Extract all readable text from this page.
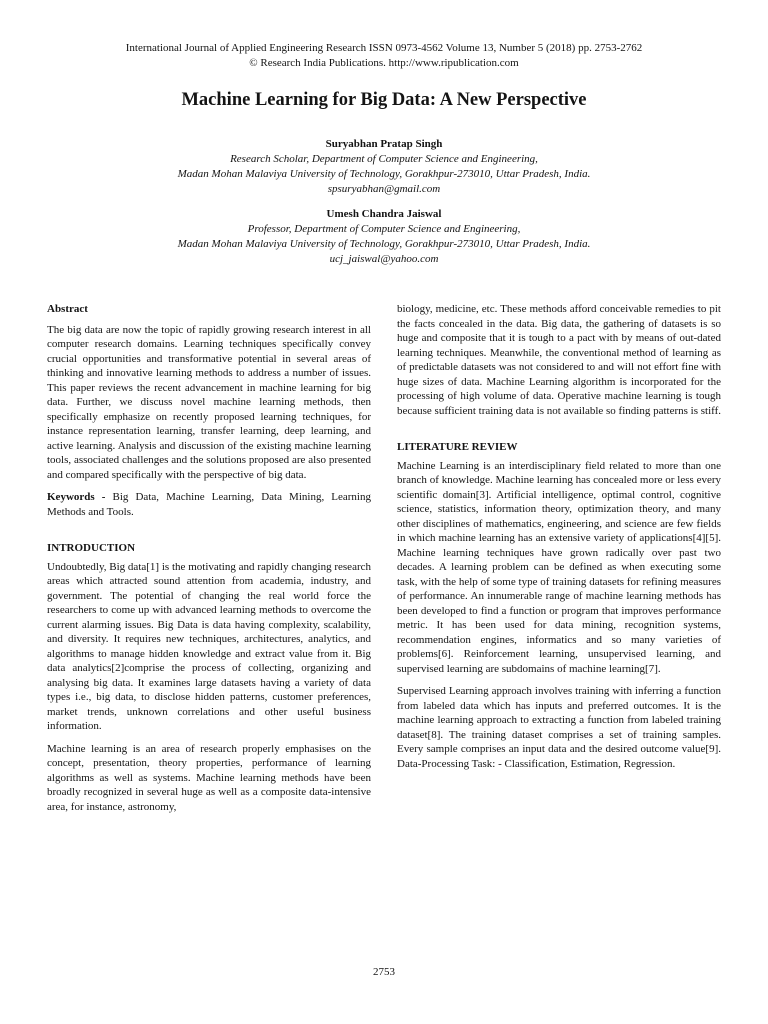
International Journal of Applied Engineering Research ISSN 0973-4562 Volume 13, Number 5 (2018) pp. 2753-2762
© Research India Publications. http://www.ripublication.com
Machine Learning for Big Data: A New Perspective
Suryabhan Pratap Singh
Research Scholar, Department of Computer Science and Engineering,
Madan Mohan Malaviya University of Technology, Gorakhpur-273010, Uttar Pradesh, India.
spsuryabhan@gmail.com
Umesh Chandra Jaiswal
Professor, Department of Computer Science and Engineering,
Madan Mohan Malaviya University of Technology, Gorakhpur-273010, Uttar Pradesh, India.
ucj_jaiswal@yahoo.com
Abstract

The big data are now the topic of rapidly growing research interest in all computer research domains. Learning techniques specifically convey crucial opportunities and transformative potential in several areas of thinking and innovative learning methods to address a number of issues. This paper reviews the recent advancement in machine learning for big data. Further, we discuss novel machine learning methods, then specifically emphasize on recently proposed learning techniques, for instance representation learning, transfer learning, deep learning, and active learning. Analysis and discussion of the existing machine learning tools, associated challenges and the solutions proposed are also presented and compared specifically with the perspective of big data.

Keywords - Big Data, Machine Learning, Data Mining, Learning Methods and Tools.

INTRODUCTION

Undoubtedly, Big data[1] is the motivating and rapidly changing research areas which attracted sound attention from academia, industry, and government. The potential of changing the real world force the researchers to come up with advanced learning methods to overcome the current alarming issues. Big Data is data having complexity, scalability, and diversity. It requires new techniques, architectures, analytics, and algorithms to manage hidden knowledge and extract value from it. Big data analytics[2]comprise the process of collecting, organizing and analysing big data. It examines large datasets having a variety of data types i.e., big data, to disclose hidden patterns, customer preferences, market trends, unknown correlations and other useful business information.

Machine learning is an area of research properly emphasises on the concept, presentation, theory properties, performance of learning algorithms as well as systems. Machine learning methods have been broadly recognized in several huge as well as a composite data-intensive area, for instance, astronomy,

biology, medicine, etc. These methods afford conceivable remedies to pit the facts concealed in the data. Big data, the gathering of datasets is so huge and composite that it is tough to a pact with by means of out-dated learning techniques. Meanwhile, the conventional method of learning as of predictable datasets was not considered to and will not effort fine with huge sizes of data. Machine Learning algorithm is incorporated for the processing of high volume of data. Operative machine learning is tough because sufficient training data is not available so finding patterns is stiff.

LITERATURE REVIEW

Machine Learning is an interdisciplinary field related to more than one branch of knowledge. Machine learning has concealed more or less every scientific domain[3]. Artificial intelligence, optimal control, cognitive science, statistics, information theory, optimization theory, and many other disciplines of mathematics, engineering, and science are few fields in which machine learning has an extensive variety of applications[4][5]. Machine learning techniques have grown radically over past two decades. A learning problem can be defined as when executing some task, with the help of some type of training datasets for refining measures of performance. An innumerable range of machine learning methods has been developed to find a function or program that improves performance metric. It has been used for data mining, recognition systems, recommendation engines, informatics and so many varieties of problems[6]. Reinforcement learning, unsupervised learning, and supervised learning are subdomains of machine learning[7].

Supervised Learning approach involves training with inferring a function from labeled data which has inputs and preferred outcomes. It is the machine learning approach to extracting a function from labeled training dataset[8]. The training dataset comprises a set of training samples. Every sample comprises an input data and the desired outcome value[9]. Data-Processing Task: - Classification, Estimation, Regression.

2753
